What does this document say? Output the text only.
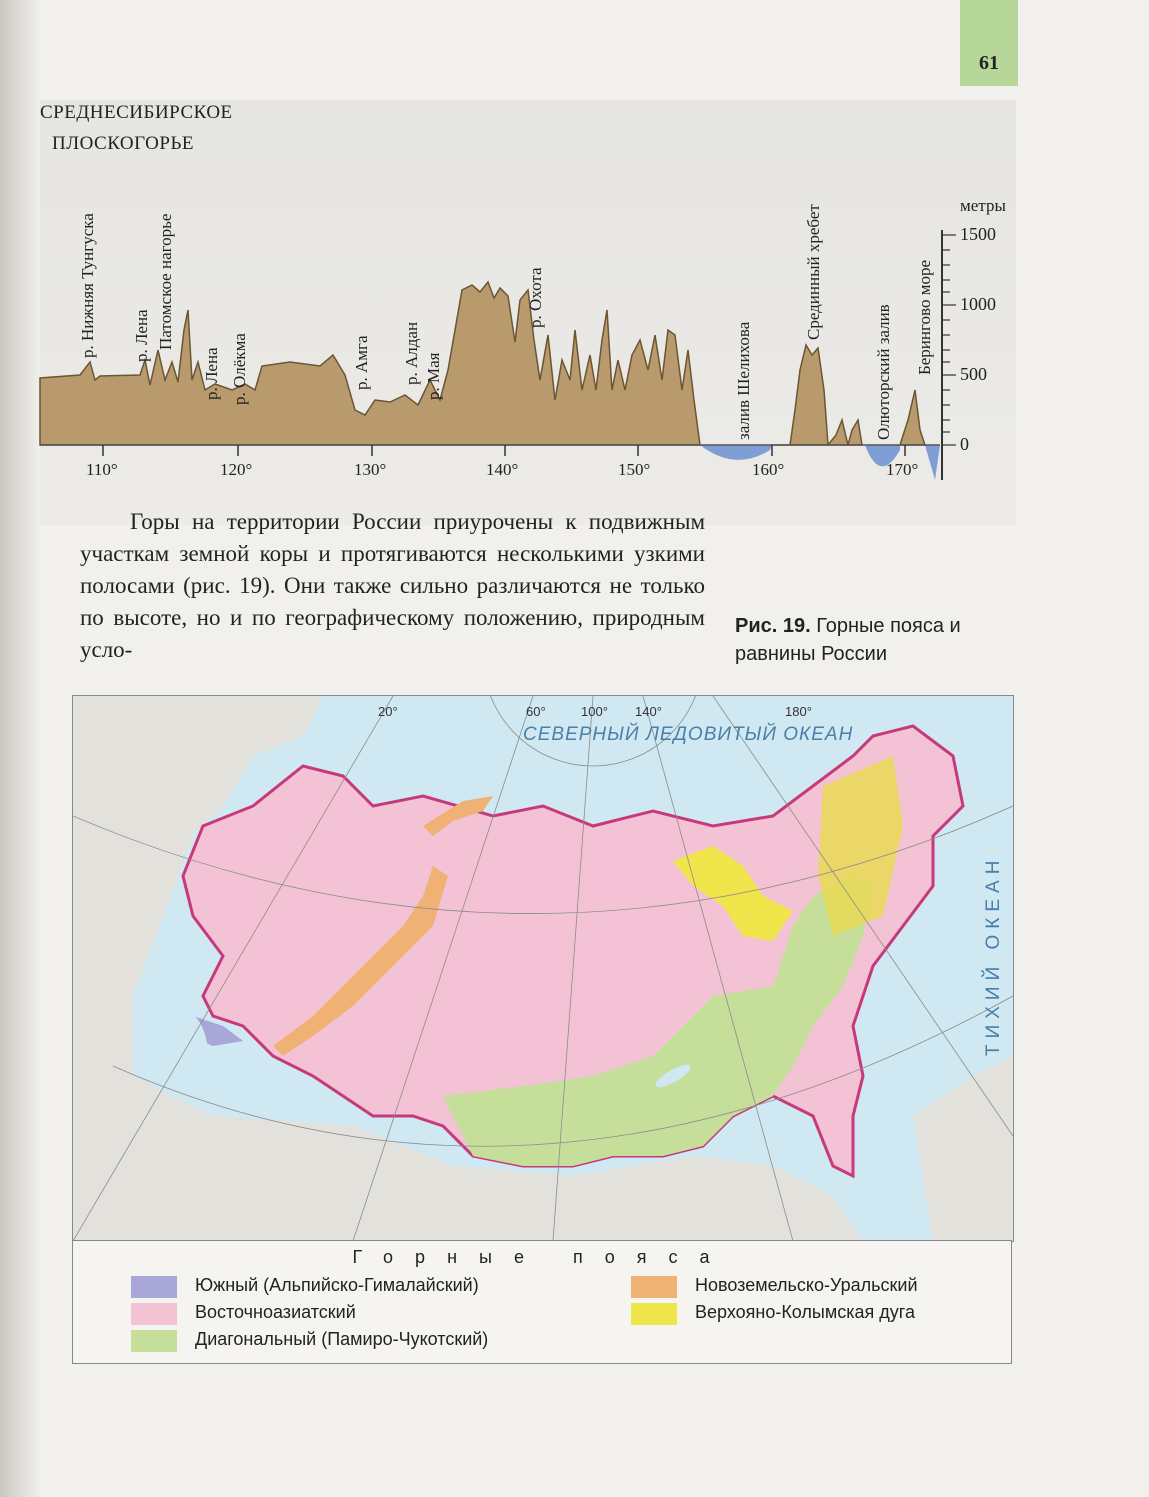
61
СРЕДНЕСИБИРСКОЕ
ПЛОСКОГОРЬЕ
метры
р. Нижняя Тунгуска р. Лена Патомское нагорье
р. Лена р. Олёкма	р. Амга р. Алдан р. Мая
р. Охота
залив Шелихова
Срединный хребет
Олюторский залив Берингово море
110°	120°	130°	140°	150°	160°	170°
1500
1000
500
0

Горы на территории России приурочены к подвижным участкам земной коры и протягиваются несколькими узкими полосами (рис. 19). Они также сильно различаются не только по высоте, но и по географическому положению, природным усло-

Рис. 19. Горные пояса и равнины России
СЕВЕРНЫЙ ЛЕДОВИТЫЙ ОКЕАН
ТИХИЙ ОКЕАН
20°	60°	100° 140°	180°
Горные пояса
Южный (Альпийско-Гималайский)
Восточноазиатский
Диагональный (Памиро-Чукотский)
Новоземельско-Уральский
Верхояно-Колымская дуга
